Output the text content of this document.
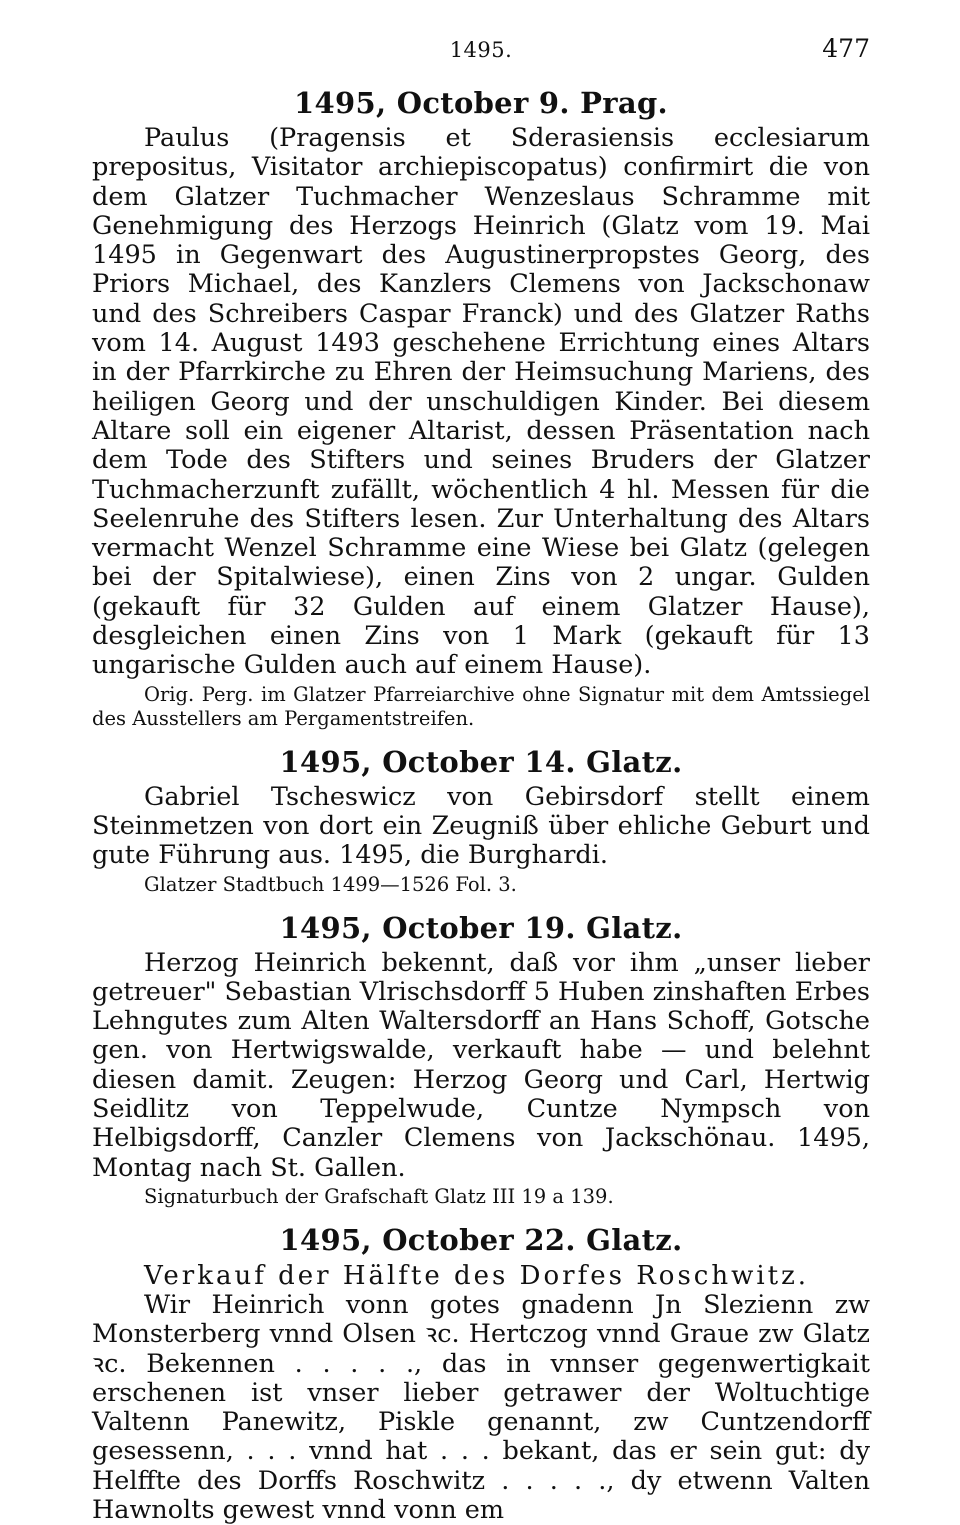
1495.	477
1495, October 9. Prag.

Paulus (Pragensis et Sderasiensis ecclesiarum prepositus, Visitator archiepiscopatus) confirmirt die von dem Glatzer Tuchmacher Wenzeslaus Schramme mit Genehmigung des Herzogs Heinrich (Glatz vom 19. Mai 1495 in Gegenwart des Augustinerpropstes Georg, des Priors Michael, des Kanzlers Clemens von Jackschonaw und des Schreibers Caspar Franck) und des Glatzer Raths vom 14. August 1493 geschehene Errichtung eines Altars in der Pfarrkirche zu Ehren der Heimsuchung Mariens, des heiligen Georg und der unschuldigen Kinder. Bei diesem Altare soll ein eigener Altarist, dessen Präsentation nach dem Tode des Stifters und seines Bruders der Glatzer Tuchmacherzunft zufällt, wöchentlich 4 hl. Messen für die Seelenruhe des Stifters lesen. Zur Unterhaltung des Altars vermacht Wenzel Schramme eine Wiese bei Glatz (gelegen bei der Spitalwiese), einen Zins von 2 ungar. Gulden (gekauft für 32 Gulden auf einem Glatzer Hause), desgleichen einen Zins von 1 Mark (gekauft für 13 ungarische Gulden auch auf einem Hause).

Orig. Perg. im Glatzer Pfarreiarchive ohne Signatur mit dem Amtssiegel des Ausstellers am Pergamentstreifen.

1495, October 14. Glatz.

Gabriel Tscheswicz von Gebirsdorf stellt einem Steinmetzen von dort ein Zeugniß über ehliche Geburt und gute Führung aus. 1495, die Burghardi.

Glatzer Stadtbuch 1499—1526 Fol. 3.

1495, October 19. Glatz.

Herzog Heinrich bekennt, daß vor ihm „unser lieber getreuer" Sebastian Vlrischsdorff 5 Huben zinshaften Erbes Lehngutes zum Alten Waltersdorff an Hans Schoff, Gotsche gen. von Hertwigswalde, verkauft habe — und belehnt diesen damit. Zeugen: Herzog Georg und Carl, Hertwig Seidlitz von Teppelwude, Cuntze Nympsch von Helbigsdorff, Canzler Clemens von Jackschönau. 1495, Montag nach St. Gallen.

Signaturbuch der Grafschaft Glatz III 19 a 139.

1495, October 22. Glatz.

Verkauf der Hälfte des Dorfes Roschwitz.

Wir Heinrich vonn gotes gnadenn Jn Slezienn zw Monsterberg vnnd Olsen ꝛc. Hertczog vnnd Graue zw Glatz ꝛc. Bekennen . . . . ., das in vnnser gegenwertigkait erschenen ist vnser lieber getrawer der Woltuchtige Valtenn Panewitz, Piskle genannt, zw Cuntzendorff gesessenn, . . . vnnd hat . . . bekant, das er sein gut: dy Helffte des Dorffs Roschwitz . . . . ., dy etwenn Valten Hawnolts gewest vnnd vonn em
